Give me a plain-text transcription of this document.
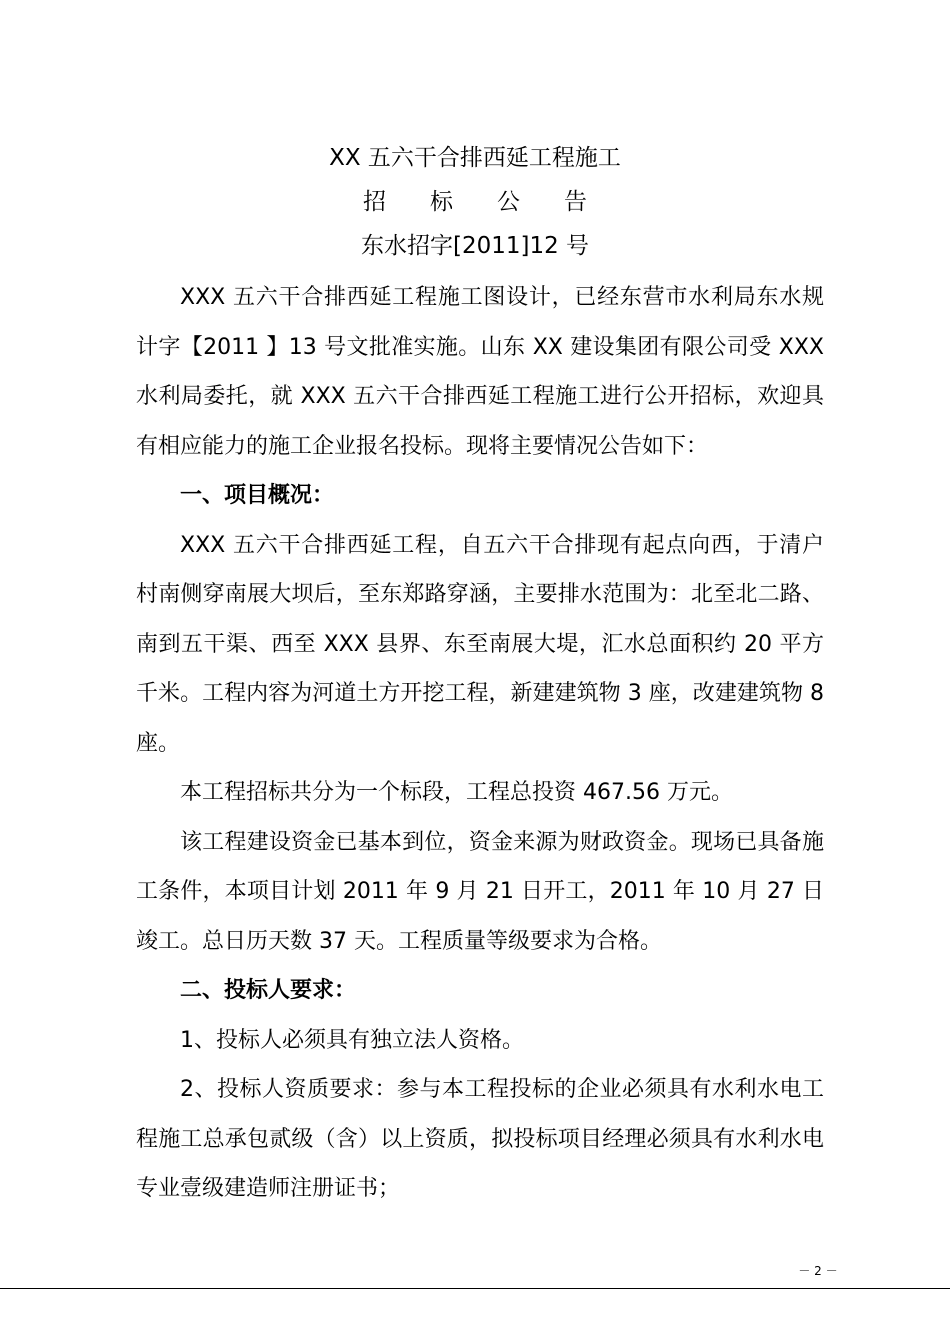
XX 五六干合排西延工程施工
招 标 公 告
东水招字[2011]12 号

XXX 五六干合排西延工程施工图设计，已经东营市水利局东水规计字【2011 】13 号文批准实施。山东 XX 建设集团有限公司受 XXX 水利局委托，就 XXX 五六干合排西延工程施工进行公开招标，欢迎具有相应能力的施工企业报名投标。现将主要情况公告如下：

一、项目概况：

XXX 五六干合排西延工程，自五六干合排现有起点向西，于清户村南侧穿南展大坝后，至东郑路穿涵，主要排水范围为：北至北二路、南到五干渠、西至 XXX 县界、东至南展大堤，汇水总面积约 20 平方千米。工程内容为河道土方开挖工程，新建建筑物 3 座，改建建筑物 8 座。

本工程招标共分为一个标段，工程总投资 467.56 万元。

该工程建设资金已基本到位，资金来源为财政资金。现场已具备施工条件，本项目计划 2011 年 9 月 21 日开工，2011 年 10 月 27 日竣工。总日历天数 37 天。工程质量等级要求为合格。

二、投标人要求：

1、投标人必须具有独立法人资格。

2、投标人资质要求：参与本工程投标的企业必须具有水利水电工程施工总承包贰级（含）以上资质，拟投标项目经理必须具有水利水电专业壹级建造师注册证书；

－ 2 －
